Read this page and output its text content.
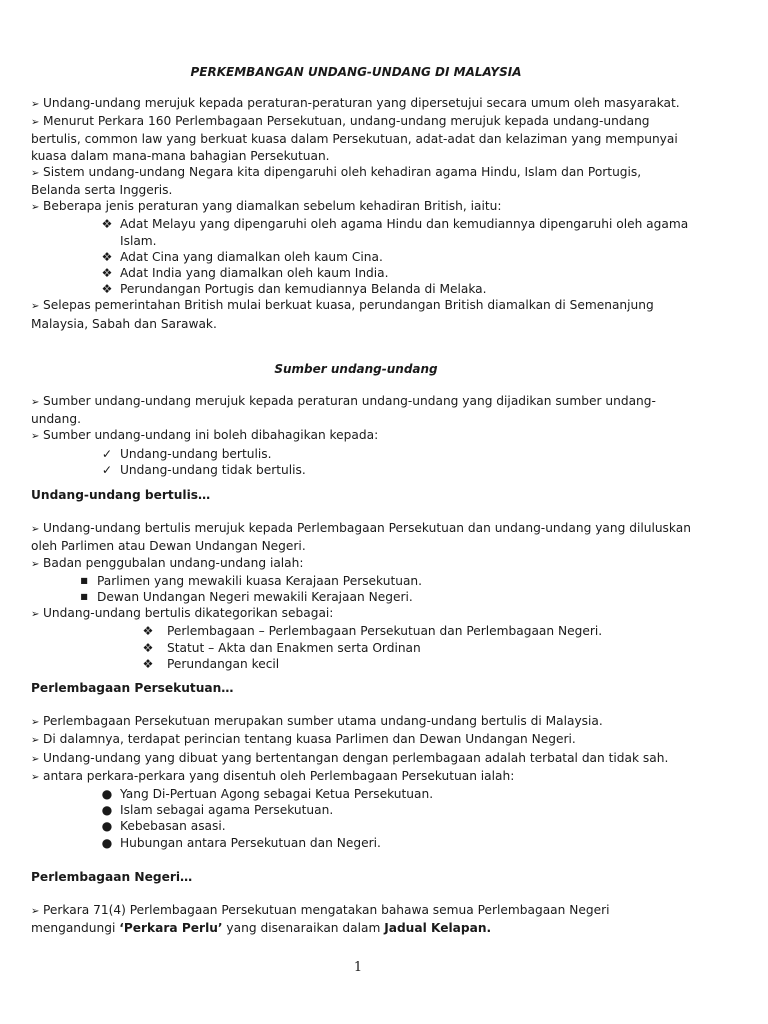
PERKEMBANGAN UNDANG-UNDANG DI MALAYSIA

➢ Undang-undang merujuk kepada peraturan-peraturan yang dipersetujui secara umum oleh masyarakat.

➢ Menurut Perkara 160 Perlembagaan Persekutuan, undang-undang merujuk kepada undang-undang bertulis, common law yang berkuat kuasa dalam Persekutuan, adat-adat dan kelaziman yang mempunyai kuasa dalam mana-mana bahagian Persekutuan.

➢ Sistem undang-undang Negara kita dipengaruhi oleh kehadiran agama Hindu, Islam dan Portugis, Belanda serta Inggeris.

➢ Beberapa jenis peraturan yang diamalkan sebelum kehadiran British, iaitu:

❖ Adat Melayu yang dipengaruhi oleh agama Hindu dan kemudiannya dipengaruhi oleh agama Islam.
❖ Adat Cina yang diamalkan oleh kaum Cina.
❖ Adat India yang diamalkan oleh kaum India.
❖ Perundangan Portugis dan kemudiannya Belanda di Melaka.

➢ Selepas pemerintahan British mulai berkuat kuasa, perundangan British diamalkan di Semenanjung Malaysia, Sabah dan Sarawak.

Sumber undang-undang

➢ Sumber undang-undang merujuk kepada peraturan undang-undang yang dijadikan sumber undang-undang.

➢ Sumber undang-undang ini boleh dibahagikan kepada:

✓ Undang-undang bertulis.
✓ Undang-undang tidak bertulis.

Undang-undang bertulis…

➢ Undang-undang bertulis merujuk kepada Perlembagaan Persekutuan dan undang-undang yang diluluskan oleh Parlimen atau Dewan Undangan Negeri.

➢ Badan penggubalan undang-undang ialah:

■ Parlimen yang mewakili kuasa Kerajaan Persekutuan.
■ Dewan Undangan Negeri mewakili Kerajaan Negeri.

➢ Undang-undang bertulis dikategorikan sebagai:

❖ Perlembagaan – Perlembagaan Persekutuan dan Perlembagaan Negeri.
❖ Statut – Akta dan Enakmen serta Ordinan
❖ Perundangan kecil

Perlembagaan Persekutuan…

➢ Perlembagaan Persekutuan merupakan sumber utama undang-undang bertulis di Malaysia.

➢ Di dalamnya, terdapat perincian tentang kuasa Parlimen dan Dewan Undangan Negeri.

➢ Undang-undang yang dibuat yang bertentangan dengan perlembagaan adalah terbatal dan tidak sah.

➢ antara perkara-perkara yang disentuh oleh Perlembagaan Persekutuan ialah:

● Yang Di-Pertuan Agong sebagai Ketua Persekutuan.
● Islam sebagai agama Persekutuan.
● Kebebasan asasi.
● Hubungan antara Persekutuan dan Negeri.

Perlembagaan Negeri…

➢ Perkara 71(4) Perlembagaan Persekutuan mengatakan bahawa semua Perlembagaan Negeri mengandungi ‘Perkara Perlu’ yang disenaraikan dalam Jadual Kelapan.

1
